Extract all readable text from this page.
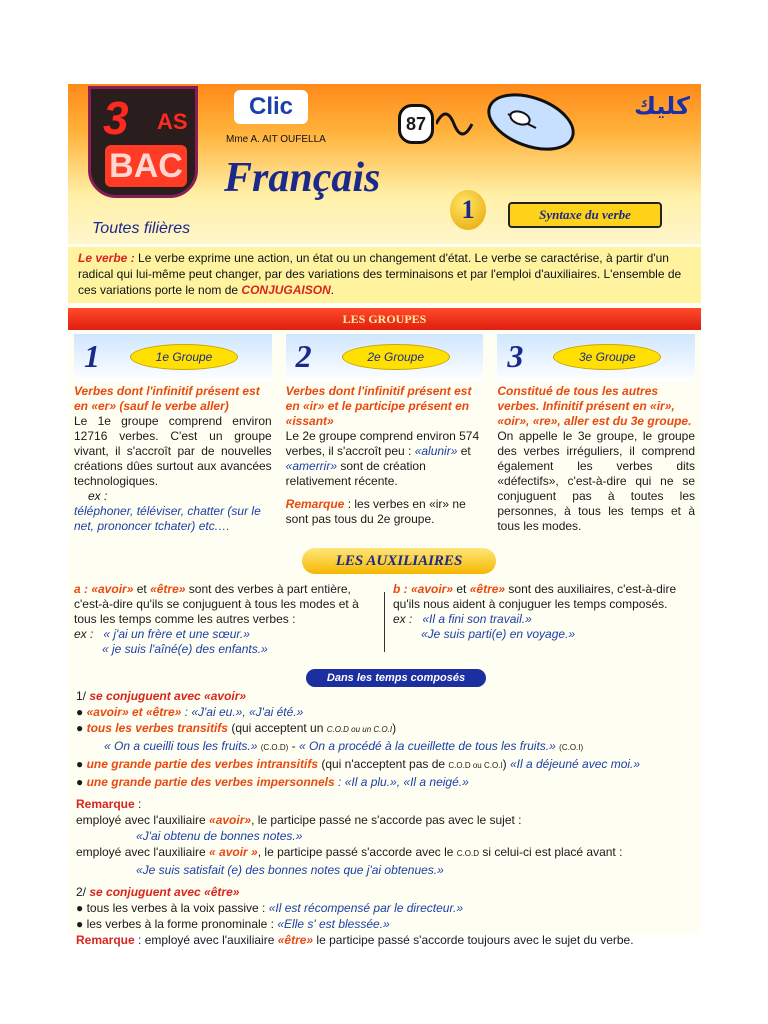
3 AS
BAC
Toutes filières
Clic
Mme A. AIT OUFELLA
87
كليك
Français
1	Syntaxe du verbe
Le verbe : Le verbe exprime une action, un état ou un changement d'état. Le verbe se caractérise, à partir d'un radical qui lui-même peut changer, par des variations des terminaisons et par l'emploi d'auxiliaires. L'ensemble de ces variations porte le nom de CONJUGAISON.
LES GROUPES
1	1e Groupe
Verbes dont l'infinitif présent est en «er» (sauf le verbe aller)
Le 1e groupe comprend environ 12716 verbes. C'est un groupe vivant, il s'accroît par de nouvelles créations dûes surtout aux avancées technologiques.
ex :
téléphoner, téléviser, chatter (sur le net, prononcer tchater) etc.…
2	2e Groupe
Verbes dont l'infinitif présent est en «ir» et le participe présent en «issant»
Le 2e groupe comprend environ 574 verbes, il s'accroît peu : «alunir» et «amerrir» sont de création relativement récente.
Remarque : les verbes en «ir» ne sont pas tous du 2e groupe.
3	3e Groupe
Constitué de tous les autres verbes. Infinitif présent en «ir», «oir», «re», aller est du 3e groupe.
On appelle le 3e groupe, le groupe des verbes irréguliers, il comprend également les verbes dits «défectifs», c'est-à-dire qui ne se conjuguent pas à toutes les personnes, à tous les temps et à tous les modes.
LES AUXILIAIRES
a : «avoir» et «être» sont des verbes à part entière, c'est-à-dire qu'ils se conjuguent à tous les modes et à tous les temps comme les autres verbes :
ex : « j'ai un frère et une sœur.»
« je suis l'aîné(e) des enfants.»
b : «avoir» et «être» sont des auxiliaires, c'est-à-dire qu'ils nous aident à conjuguer les temps composés.
ex : «Il a fini son travail.»
«Je suis parti(e) en voyage.»
Dans les temps composés
1/ se conjuguent avec «avoir»
● «avoir» et «être» : «J'ai eu.», «J'ai été.»
● tous les verbes transitifs (qui acceptent un C.O.D ou un C.O.I)
« On a cueilli tous les fruits.» (C.O.D) - « On a procédé à la cueillette de tous les fruits.» (C.O.I)
● une grande partie des verbes intransitifs (qui n'acceptent pas de C.O.D ou C.O.I) «Il a déjeuné avec moi.»
● une grande partie des verbes impersonnels : «Il a plu.», «Il a neigé.»
Remarque :
employé avec l'auxiliaire «avoir», le participe passé ne s'accorde pas avec le sujet :
«J'ai obtenu de bonnes notes.»
employé avec l'auxiliaire « avoir », le participe passé s'accorde avec le C.O.D si celui-ci est placé avant :
«Je suis satisfait (e) des bonnes notes que j'ai obtenues.»
2/ se conjuguent avec «être»
● tous les verbes à la voix passive : «Il est récompensé par le directeur.»
● les verbes à la forme pronominale : «Elle s' est blessée.»
Remarque : employé avec l'auxiliaire «être» le participe passé s'accorde toujours avec le sujet du verbe.
